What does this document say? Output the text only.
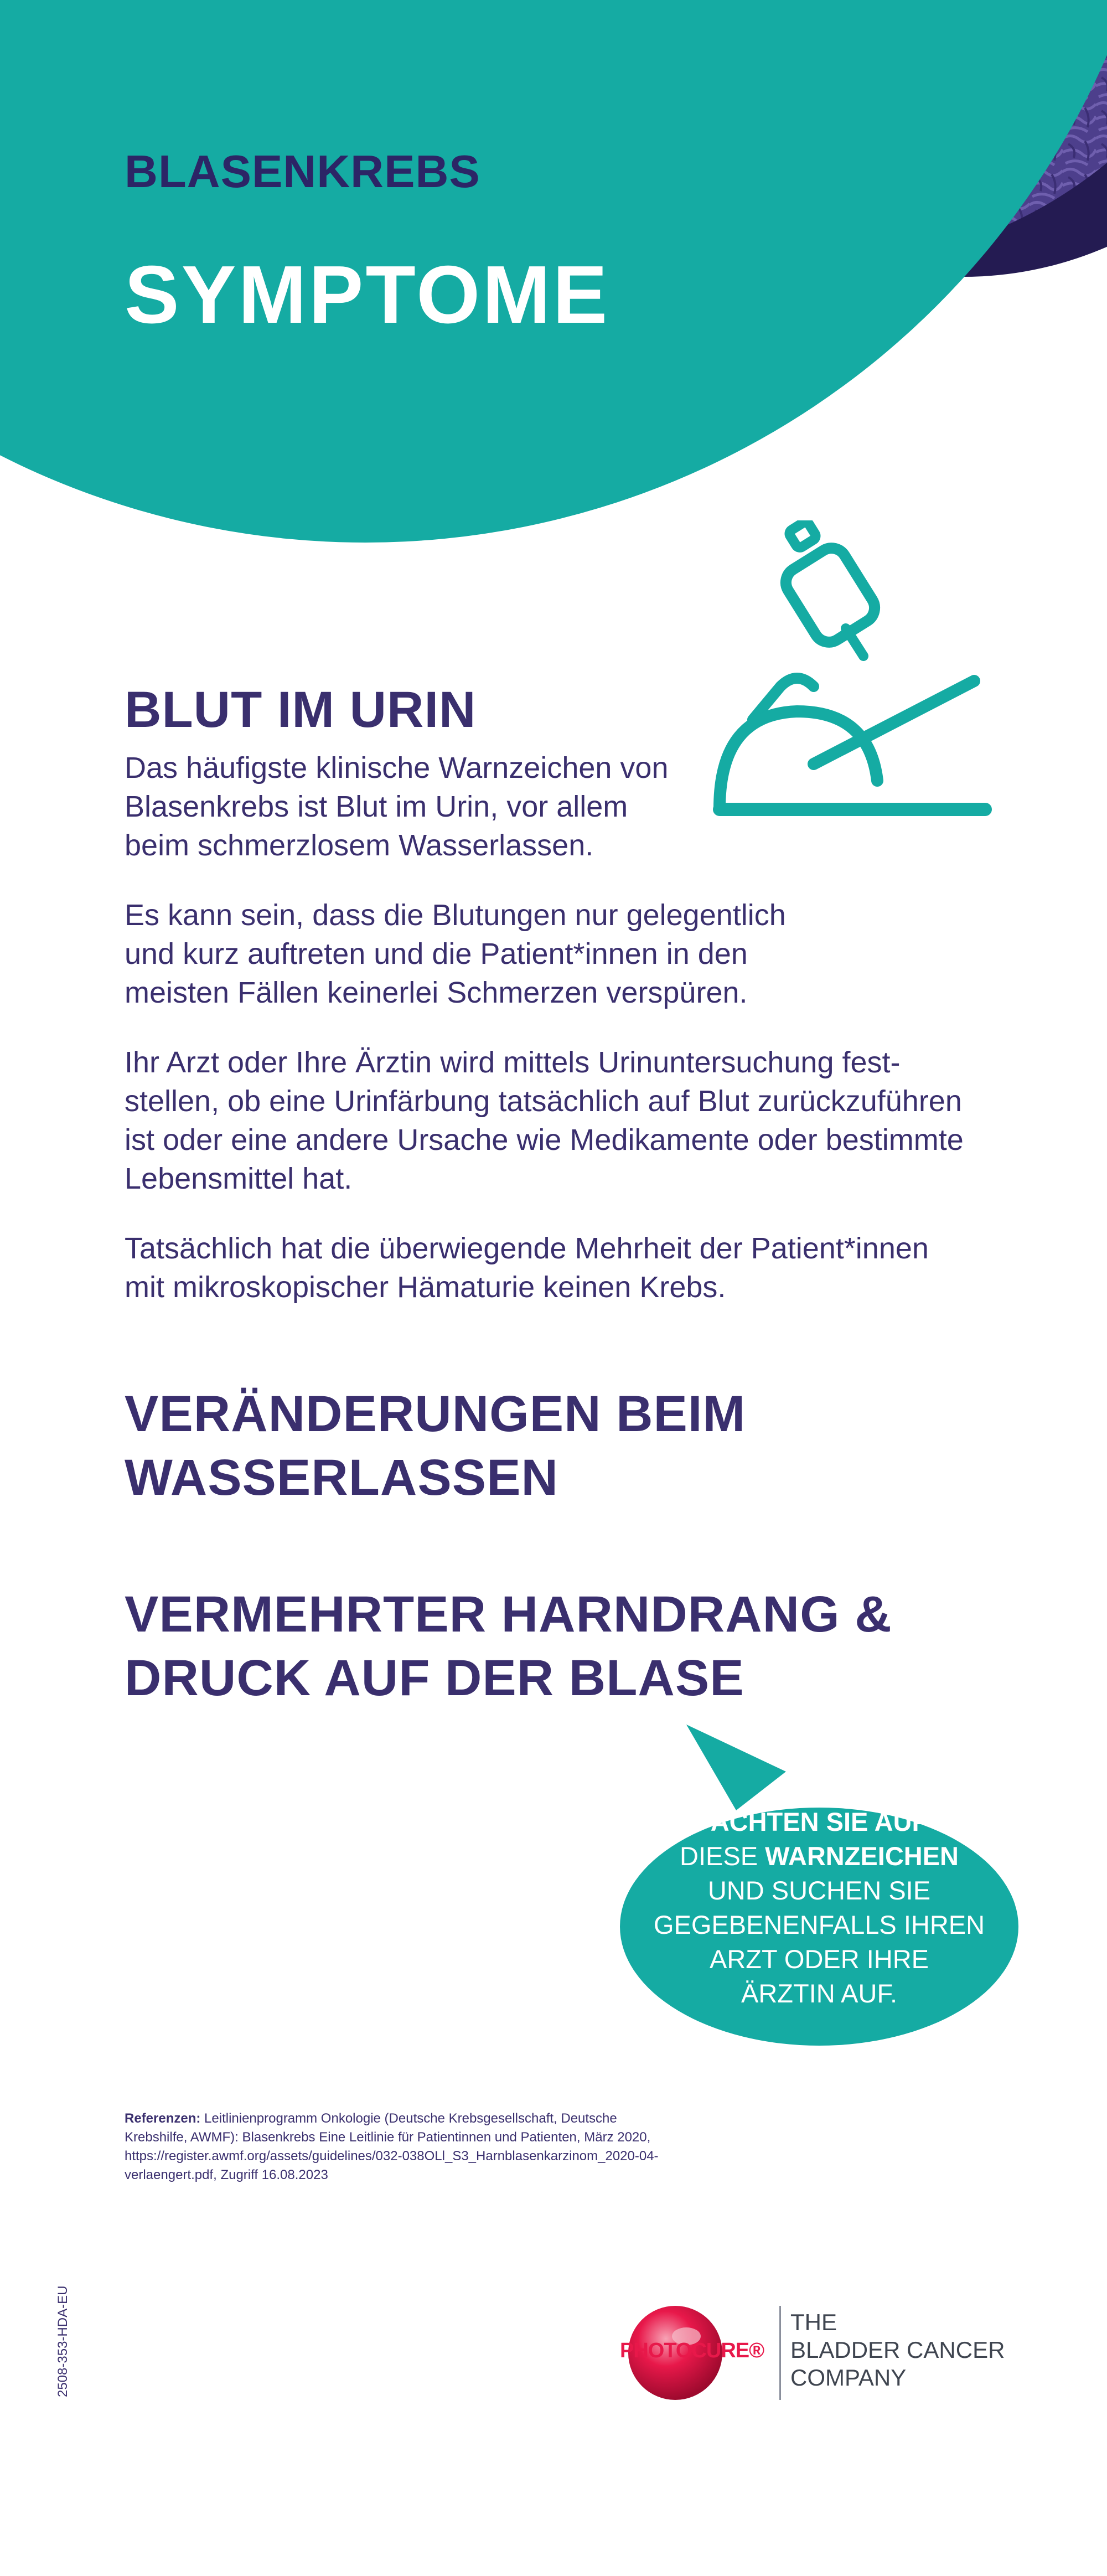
BLASENKREBS
SYMPTOME
BLUT IM URIN
Das häufigste klinische Warnzeichen von
Blasenkrebs ist Blut im Urin, vor allem
beim schmerzlosem Wasserlassen.
Es kann sein, dass die Blutungen nur gelegentlich
und kurz auftreten und die Patient*innen in den
meisten Fällen keinerlei Schmerzen verspüren.
Ihr Arzt oder Ihre Ärztin wird mittels Urinuntersuchung fest-
stellen, ob eine Urinfärbung tatsächlich auf Blut zurückzuführen
ist oder eine andere Ursache wie Medikamente oder bestimmte
Lebensmittel hat.
Tatsächlich hat die überwiegende Mehrheit der Patient*innen
mit mikroskopischer Hämaturie keinen Krebs.
VERÄNDERUNGEN BEIM
WASSERLASSEN
VERMEHRTER HARNDRANG &
DRUCK AUF DER BLASE
ACHTEN SIE AUF
DIESE WARNZEICHEN
UND SUCHEN SIE
GEGEBENENFALLS IHREN
ARZT ODER IHRE
ÄRZTIN AUF.
Referenzen: Leitlinienprogramm Onkologie (Deutsche Krebsgesellschaft, Deutsche Krebshilfe, AWMF): Blasenkrebs Eine Leitlinie für Patientinnen und Patienten, März 2020, https://register.awmf.org/assets/guidelines/032-038OLl_S3_Harnblasenkarzinom_2020-04-verlaengert.pdf, Zugriff 16.08.2023
2508-353-HDA-EU	PHOTOCURE®
THE
BLADDER CANCER
COMPANY
